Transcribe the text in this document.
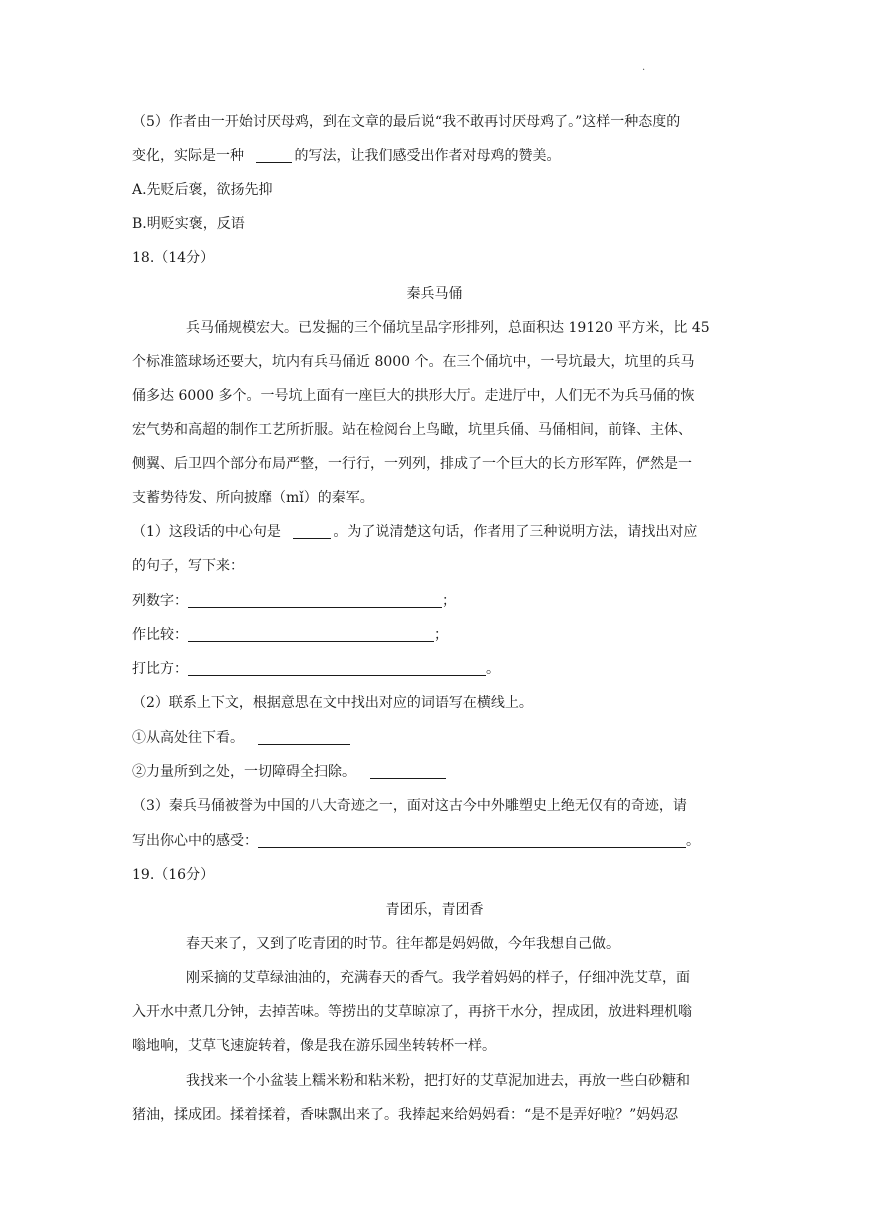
.
（5）作者由一开始讨厌母鸡，到在文章的最后说“我不敢再讨厌母鸡了。”这样一种态度的
变化，实际是一种	的写法，让我们感受出作者对母鸡的赞美。
A.先贬后褒，欲扬先抑
B.明贬实褒，反语
18.（14分）
秦兵马俑
兵马俑规模宏大。已发掘的三个俑坑呈品字形排列，总面积达 19120 平方米，比 45
个标准篮球场还要大，坑内有兵马俑近 8000 个。在三个俑坑中，一号坑最大，坑里的兵马
俑多达 6000 多个。一号坑上面有一座巨大的拱形大厅。走进厅中，人们无不为兵马俑的恢
宏气势和高超的制作工艺所折服。站在检阅台上鸟瞰，坑里兵俑、马俑相间，前锋、主体、
侧翼、后卫四个部分布局严整，一行行，一列列，排成了一个巨大的长方形军阵，俨然是一
支蓄势待发、所向披靡（mǐ）的秦军。
（1）这段话的中心句是	。为了说清楚这句话，作者用了三种说明方法，请找出对应
的句子，写下来：
列数字：	；
作比较：	；
打比方：	。
（2）联系上下文，根据意思在文中找出对应的词语写在横线上。
①从高处往下看。
②力量所到之处，一切障碍全扫除。
（3）秦兵马俑被誉为中国的八大奇迹之一，面对这古今中外雕塑史上绝无仅有的奇迹，请
写出你心中的感受：	。
19.（16分）
青团乐，青团香
春天来了，又到了吃青团的时节。往年都是妈妈做，今年我想自己做。
刚采摘的艾草绿油油的，充满春天的香气。我学着妈妈的样子，仔细冲洗艾草，面
入开水中煮几分钟，去掉苦味。等捞出的艾草晾凉了，再挤干水分，捏成团，放进料理机嗡
嗡地响，艾草飞速旋转着，像是我在游乐园坐转转杯一样。
我找来一个小盆装上糯米粉和粘米粉，把打好的艾草泥加进去，再放一些白砂糖和
猪油，揉成团。揉着揉着，香味飘出来了。我捧起来给妈妈看：“是不是弄好啦？”妈妈忍
